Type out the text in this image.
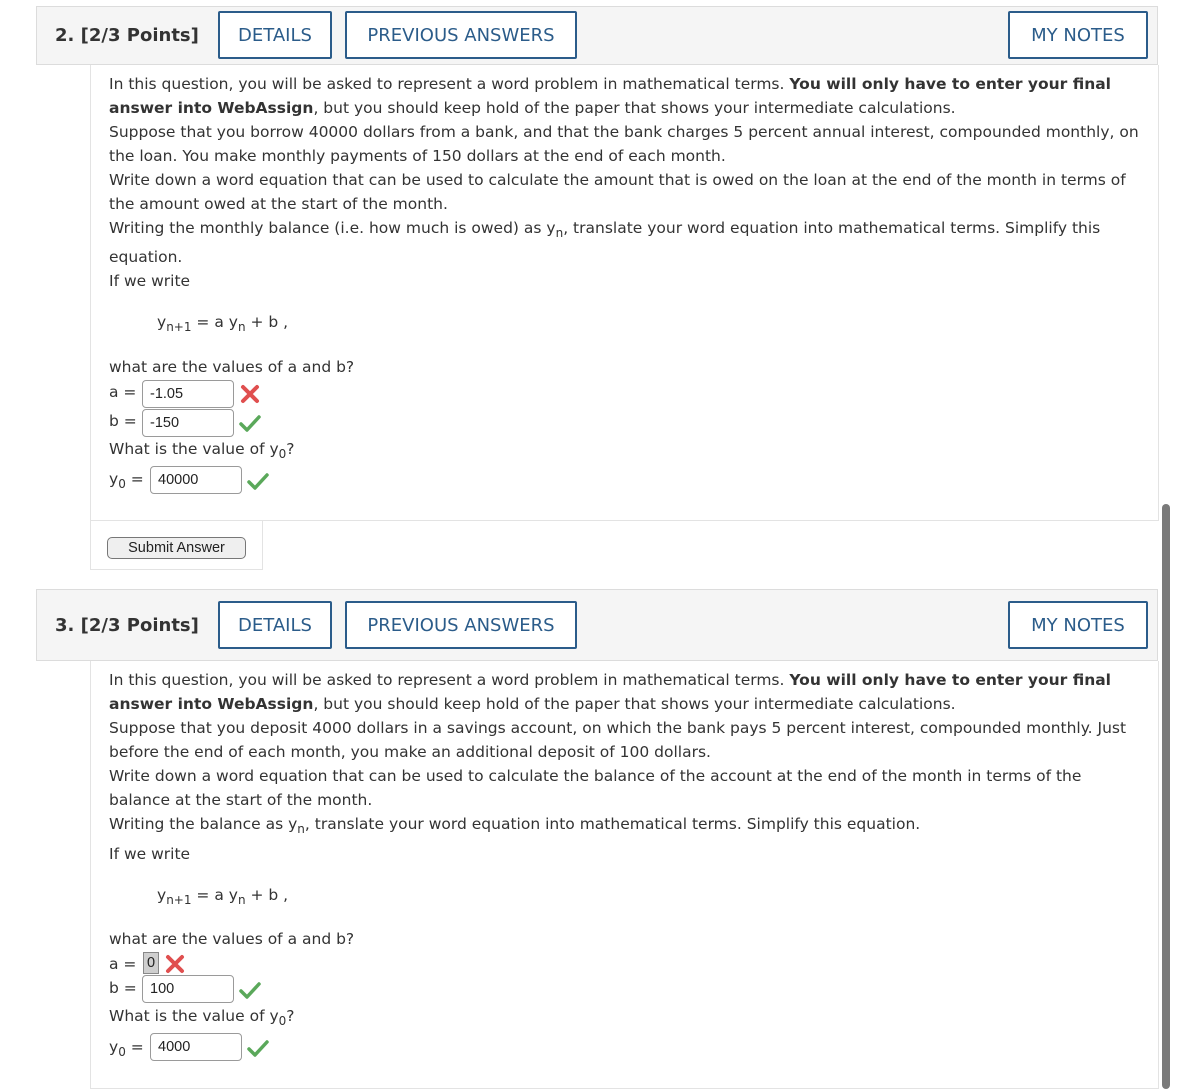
2. [2/3 Points]	DETAILS	PREVIOUS ANSWERS	MY NOTES

In this question, you will be asked to represent a word problem in mathematical terms. You will only have to enter your final answer into WebAssign, but you should keep hold of the paper that shows your intermediate calculations.

Suppose that you borrow 40000 dollars from a bank, and that the bank charges 5 percent annual interest, compounded monthly, on the loan. You make monthly payments of 150 dollars at the end of each month.

Write down a word equation that can be used to calculate the amount that is owed on the loan at the end of the month in terms of the amount owed at the start of the month.

Writing the monthly balance (i.e. how much is owed) as $y_n$, translate your word equation into mathematical terms. Simplify this

equation.

If we write

$y_{n+1} = a$ $y_n + b$ ,

what are the values of a and b?

a = -1.05
b = -150

What is the value of $y_0$?

$y_0 = 40000$
Submit Answer
3. [2/3 Points]	DETAILS	PREVIOUS ANSWERS	MY NOTES

In this question, you will be asked to represent a word problem in mathematical terms. You will only have to enter your final answer into WebAssign, but you should keep hold of the paper that shows your intermediate calculations.

Suppose that you deposit 4000 dollars in a savings account, on which the bank pays 5 percent interest, compounded monthly. Just before the end of each month, you make an additional deposit of 100 dollars.

Write down a word equation that can be used to calculate the balance of the account at the end of the month in terms of the balance at the start of the month.

Writing the balance as $y_n$, translate your word equation into mathematical terms. Simplify this equation.

If we write

$y_{n+1} = a$ $y_n + b$ ,

what are the values of a and b?

a = 0
b = 100

What is the value of $y_0$?

$y_0 = 4000$
